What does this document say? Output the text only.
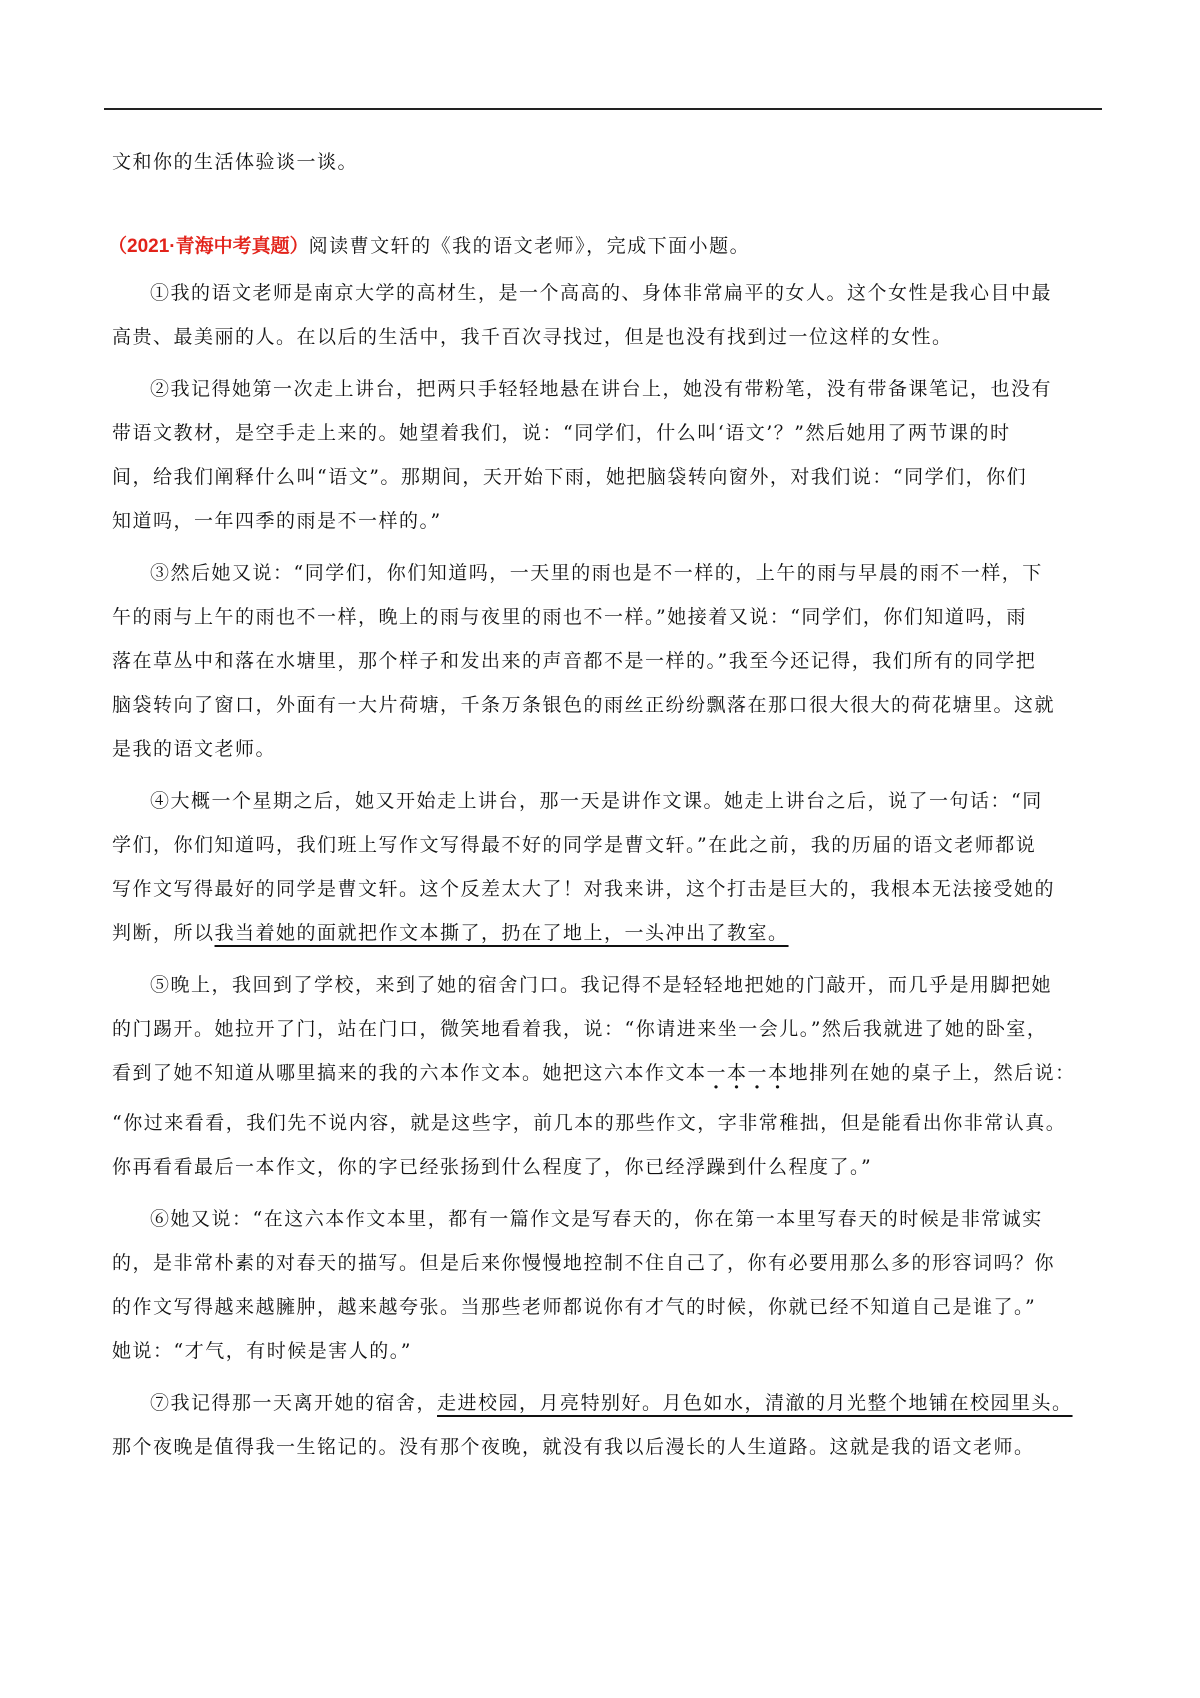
文和你的生活体验谈一谈。
（2021·青海中考真题）阅读曹文轩的《我的语文老师》，完成下面小题。
①我的语文老师是南京大学的高材生，是一个高高的、身体非常扁平的女人。这个女性是我心目中最
高贵、最美丽的人。在以后的生活中，我千百次寻找过，但是也没有找到过一位这样的女性。
②我记得她第一次走上讲台，把两只手轻轻地悬在讲台上，她没有带粉笔，没有带备课笔记，也没有
带语文教材，是空手走上来的。她望着我们，说：“同学们，什么叫‘语文’？”然后她用了两节课的时
间，给我们阐释什么叫“语文”。那期间，天开始下雨，她把脑袋转向窗外，对我们说：“同学们，你们
知道吗，一年四季的雨是不一样的。”
③然后她又说：“同学们，你们知道吗，一天里的雨也是不一样的，上午的雨与早晨的雨不一样，下
午的雨与上午的雨也不一样，晚上的雨与夜里的雨也不一样。”她接着又说：“同学们，你们知道吗，雨
落在草丛中和落在水塘里，那个样子和发出来的声音都不是一样的。”我至今还记得，我们所有的同学把
脑袋转向了窗口，外面有一大片荷塘，千条万条银色的雨丝正纷纷飘落在那口很大很大的荷花塘里。这就
是我的语文老师。
④大概一个星期之后，她又开始走上讲台，那一天是讲作文课。她走上讲台之后，说了一句话：“同
学们，你们知道吗，我们班上写作文写得最不好的同学是曹文轩。”在此之前，我的历届的语文老师都说
写作文写得最好的同学是曹文轩。这个反差太大了！对我来讲，这个打击是巨大的，我根本无法接受她的
判断，所以我当着她的面就把作文本撕了，扔在了地上，一头冲出了教室。
⑤晚上，我回到了学校，来到了她的宿舍门口。我记得不是轻轻地把她的门敲开，而几乎是用脚把她
的门踢开。她拉开了门，站在门口，微笑地看着我，说：“你请进来坐一会儿。”然后我就进了她的卧室，
看到了她不知道从哪里搞来的我的六本作文本。她把这六本作文本一本一本地排列在她的桌子上，然后说：
“你过来看看，我们先不说内容，就是这些字，前几本的那些作文，字非常稚拙，但是能看出你非常认真。
你再看看最后一本作文，你的字已经张扬到什么程度了，你已经浮躁到什么程度了。”
⑥她又说：“在这六本作文本里，都有一篇作文是写春天的，你在第一本里写春天的时候是非常诚实
的，是非常朴素的对春天的描写。但是后来你慢慢地控制不住自己了，你有必要用那么多的形容词吗？你
的作文写得越来越臃肿，越来越夸张。当那些老师都说你有才气的时候，你就已经不知道自己是谁了。”
她说：“才气，有时候是害人的。”
⑦我记得那一天离开她的宿舍，走进校园，月亮特别好。月色如水，清澈的月光整个地铺在校园里头。
那个夜晚是值得我一生铭记的。没有那个夜晚，就没有我以后漫长的人生道路。这就是我的语文老师。
